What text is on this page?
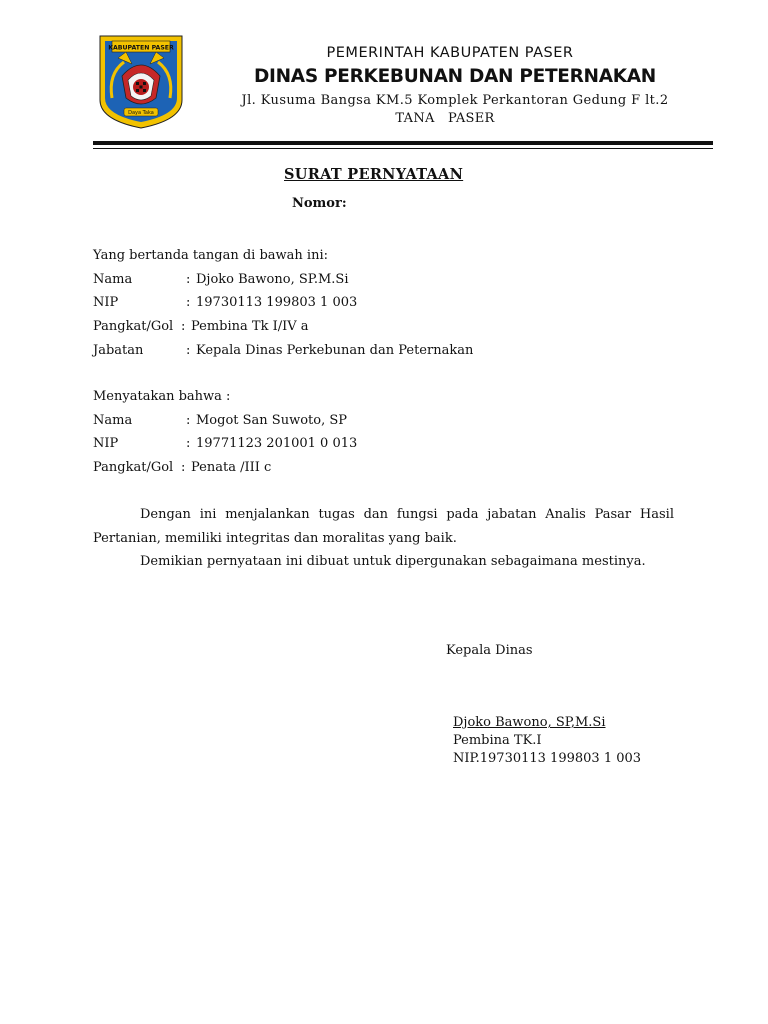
KABUPATEN PASER
Daya Taka
PEMERINTAH KABUPATEN PASER
DINAS PERKEBUNAN DAN PETERNAKAN
Jl. Kusuma Bangsa KM.5 Komplek Perkantoran Gedung F lt.2
TANA   PASER
SURAT PERNYATAAN
Nomor:
Yang bertanda tangan di bawah ini:
Nama	: Djoko Bawono, SP.M.Si
NIP	: 19730113 199803 1 003
Pangkat/Gol : Pembina Tk I/IV a
Jabatan	: Kepala Dinas Perkebunan dan Peternakan
Menyatakan bahwa :
Nama	: Mogot San Suwoto, SP
NIP	: 19771123 201001 0 013
Pangkat/Gol : Penata /III c
Dengan ini menjalankan tugas dan fungsi pada jabatan Analis Pasar Hasil Pertanian, memiliki integritas dan moralitas yang baik.
Demikian pernyataan ini dibuat untuk dipergunakan sebagaimana mestinya.
Kepala Dinas
Djoko Bawono, SP,M.Si
Pembina TK.I
NIP.19730113 199803 1 003
